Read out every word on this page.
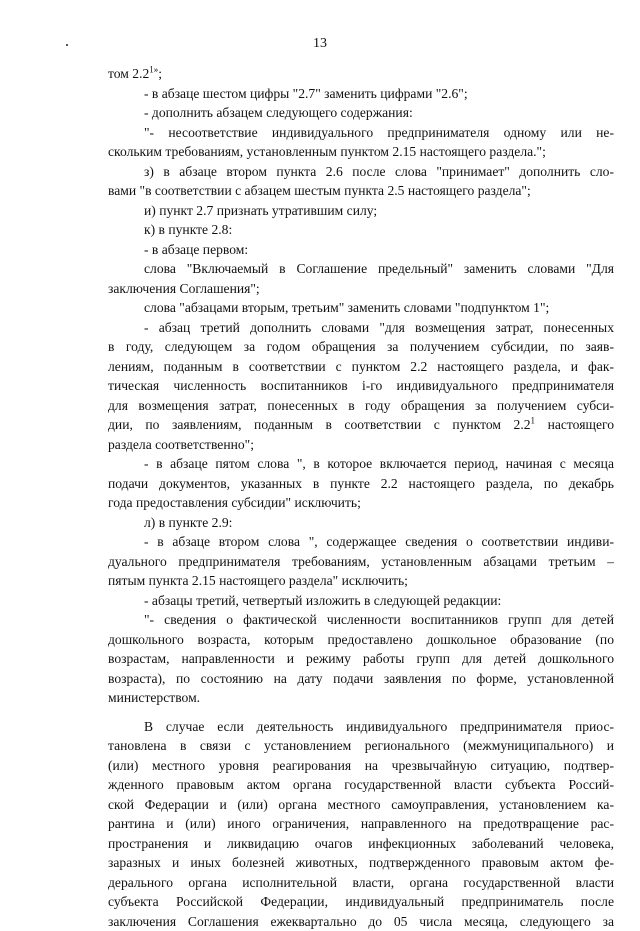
13
том $2.2^{1»}$;
- в абзаце шестом цифры "2.7" заменить цифрами "2.6";
- дополнить абзацем следующего содержания:
"- несоответствие индивидуального предпринимателя одному или не-
скольким требованиям, установленным пунктом 2.15 настоящего раздела.";
з) в абзаце втором пункта 2.6 после слова "принимает" дополнить сло-
вами "в соответствии с абзацем шестым пункта 2.5 настоящего раздела";
и) пункт 2.7 признать утратившим силу;
к) в пункте 2.8:
- в абзаце первом:
слова "Включаемый в Соглашение предельный" заменить словами "Для
заключения Соглашения";
слова "абзацами вторым, третьим" заменить словами "подпунктом 1";
- абзац третий дополнить словами "для возмещения затрат, понесенных
в году, следующем за годом обращения за получением субсидии, по заяв-
лениям, поданным в соответствии с пунктом 2.2 настоящего раздела, и фак-
тическая численность воспитанников i-го индивидуального предпринимателя
для возмещения затрат, понесенных в году обращения за получением субси-
дии, по заявлениям, поданным в соответствии с пунктом $2.2^1$ настоящего
раздела соответственно";
- в абзаце пятом слова ", в которое включается период, начиная с месяца
подачи документов, указанных в пункте 2.2 настоящего раздела, по декабрь
года предоставления субсидии" исключить;
л) в пункте 2.9:
- в абзаце втором слова ", содержащее сведения о соответствии индиви-
дуального предпринимателя требованиям, установленным абзацами третьим –
пятым пункта 2.15 настоящего раздела" исключить;
- абзацы третий, четвертый изложить в следующей редакции:
"- сведения о фактической численности воспитанников групп для детей
дошкольного возраста, которым предоставлено дошкольное образование (по
возрастам, направленности и режиму работы групп для детей дошкольного
возраста), по состоянию на дату подачи заявления по форме, установленной
министерством.
В случае если деятельность индивидуального предпринимателя приос-
тановлена в связи с установлением регионального (межмуниципального) и
(или) местного уровня реагирования на чрезвычайную ситуацию, подтвер-
жденного правовым актом органа государственной власти субъекта Россий-
ской Федерации и (или) органа местного самоуправления, установлением ка-
рантина и (или) иного ограничения, направленного на предотвращение рас-
пространения и ликвидацию очагов инфекционных заболеваний человека,
заразных и иных болезней животных, подтвержденного правовым актом фе-
дерального органа исполнительной власти, органа государственной власти
субъекта Российской Федерации, индивидуальный предприниматель после
заключения Соглашения ежеквартально до 05 числа месяца, следующего за
